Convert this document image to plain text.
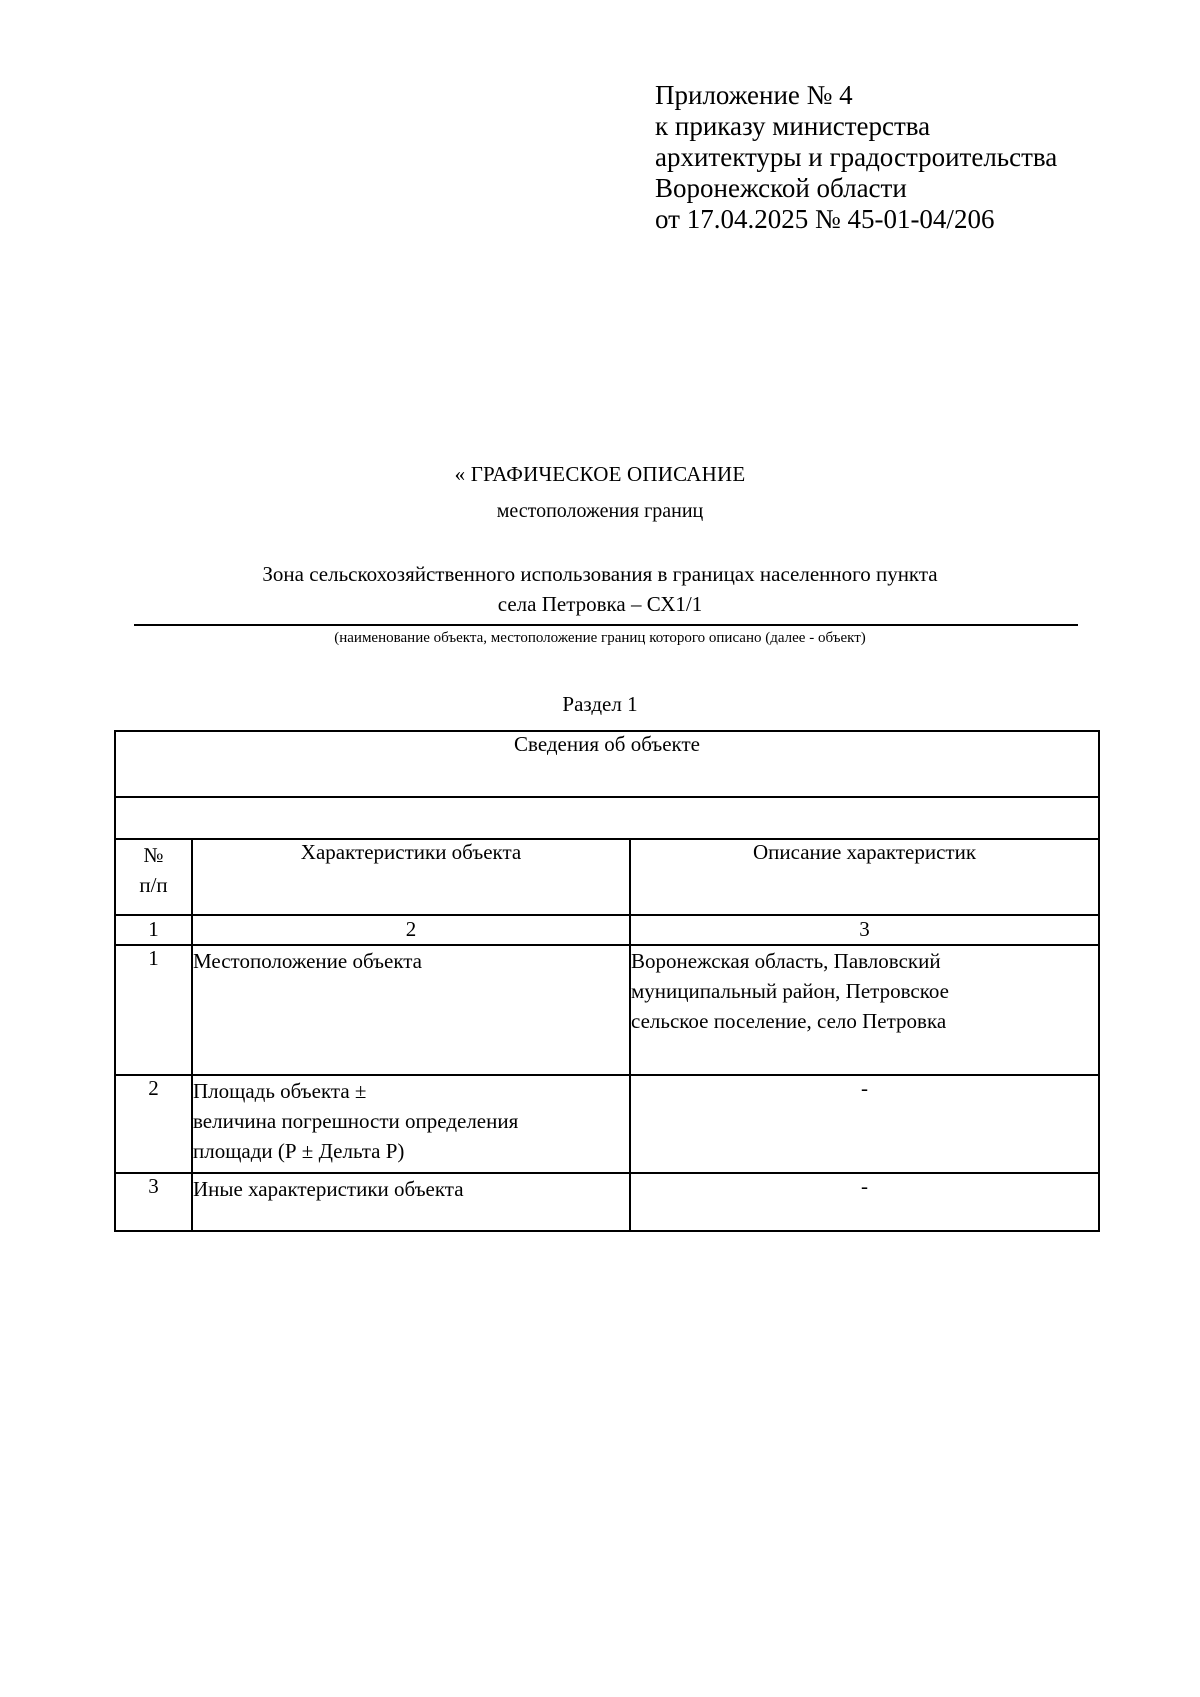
Приложение № 4
к приказу министерства
архитектуры и градостроительства
Воронежской области
от 17.04.2025 № 45-01-04/206
« ГРАФИЧЕСКОЕ ОПИСАНИЕ
местоположения границ
Зона сельскохозяйственного использования в границах населенного пункта
села Петровка – СХ1/1
(наименование объекта, местоположение границ которого описано (далее - объект)
Раздел 1
Сведения об объекте		

№
п/п	Характеристики объекта	Описание характеристик
1	2	3
1	Местоположение объекта	Воронежская область, Павловский
муниципальный район, Петровское
сельское поселение, село Петровка

2	Площадь объекта ±
величина погрешности определения
площади (Р ± Дельта Р)	-
3	Иные характеристики объекта	-
